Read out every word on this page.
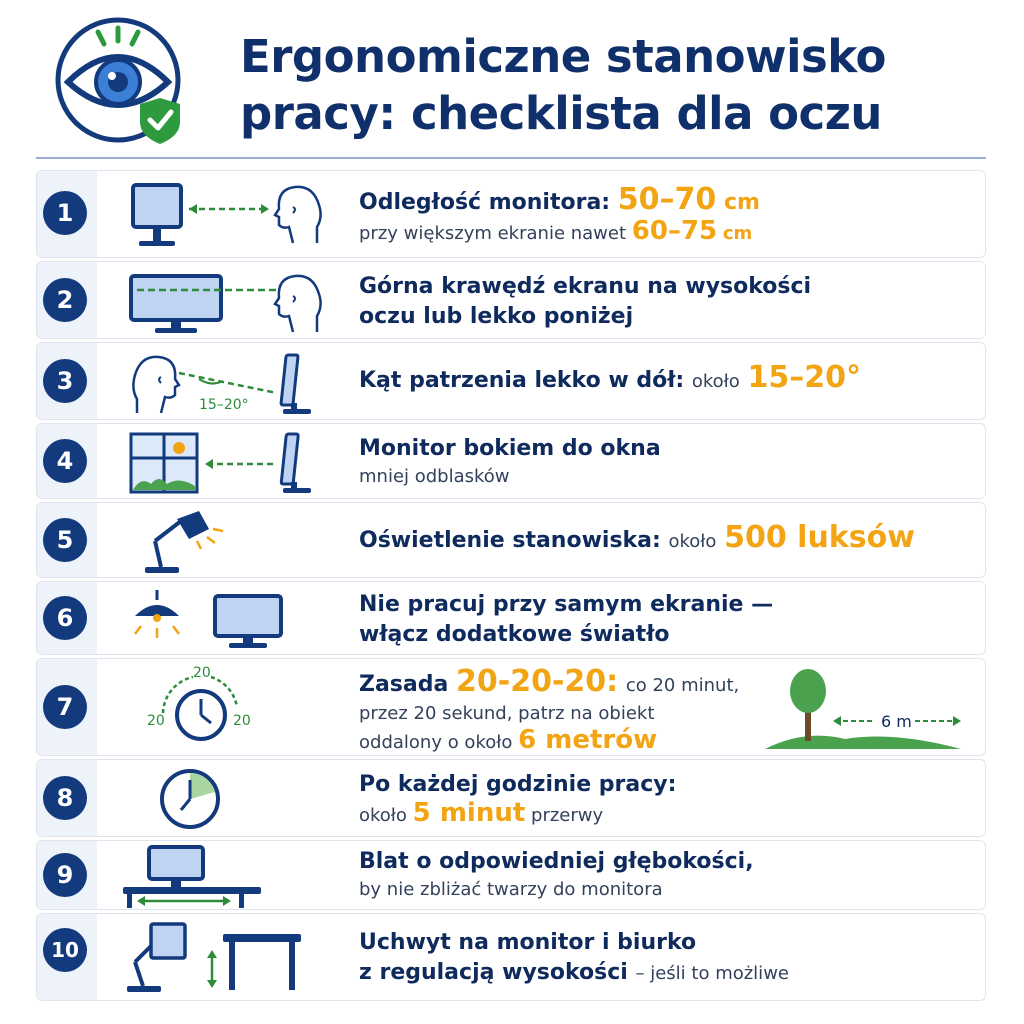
Ergonomiczne stanowisko
pracy: checklista dla oczu
1	Odległość monitora: 50–70 cm
przy większym ekranie nawet 60–75 cm
2	Górna krawędź ekranu na wysokości
oczu lub lekko poniżej
3
15–20°
Kąt patrzenia lekko w dół: około 15–20°
4	Monitor bokiem do okna
mniej odblasków
5	Oświetlenie stanowiska: około 500 luksów
6	Nie pracuj przy samym ekranie —
włącz dodatkowe światło
7
20
20	20
Zasada 20-20-20: co 20 minut,
przez 20 sekund, patrz na obiekt
oddalony o około 6 metrów
6 m
8	Po każdej godzinie pracy:
około 5 minut przerwy
9	Blat o odpowiedniej głębokości,
by nie zbliżać twarzy do monitora
10	Uchwyt na monitor i biurko
z regulacją wysokości – jeśli to możliwe
